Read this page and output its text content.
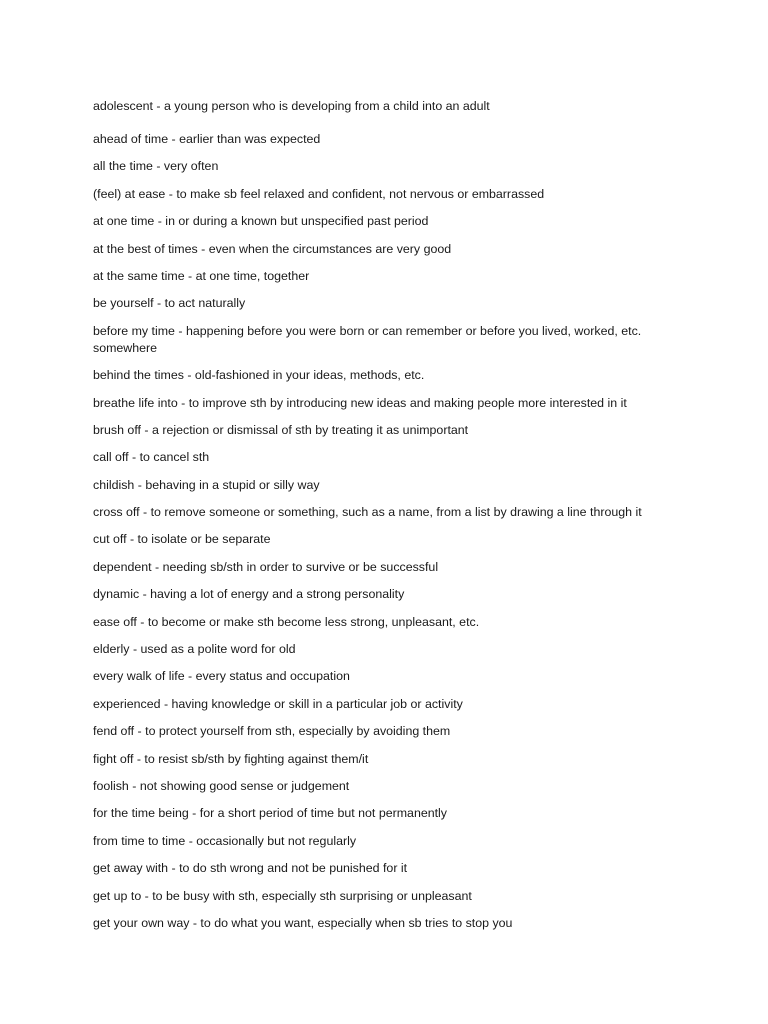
adolescent - a young person who is developing from a child into an adult
ahead of time - earlier than was expected
all the time - very often
(feel) at ease - to make sb feel relaxed and confident, not nervous or embarrassed
at one time - in or during a known but unspecified past period
at the best of times - even when the circumstances are very good
at the same time - at one time, together
be yourself - to act naturally
before my time - happening before you were born or can remember or before you lived, worked, etc. somewhere
behind the times - old-fashioned in your ideas, methods, etc.
breathe life into - to improve sth by introducing new ideas and making people more interested in it
brush off - a rejection or dismissal of sth by treating it as unimportant
call off - to cancel sth
childish - behaving in a stupid or silly way
cross off - to remove someone or something, such as a name, from a list by drawing a line through it
cut off - to isolate or be separate
dependent - needing sb/sth in order to survive or be successful
dynamic - having a lot of energy and a strong personality
ease off - to become or make sth become less strong, unpleasant, etc.
elderly - used as a polite word for old
every walk of life - every status and occupation
experienced - having knowledge or skill in a particular job or activity
fend off - to protect yourself from sth, especially by avoiding them
fight off - to resist sb/sth by fighting against them/it
foolish - not showing good sense or judgement
for the time being - for a short period of time but not permanently
from time to time - occasionally but not regularly
get away with - to do sth wrong and not be punished for it
get up to - to be busy with sth, especially sth surprising or unpleasant
get your own way - to do what you want, especially when sb tries to stop you
